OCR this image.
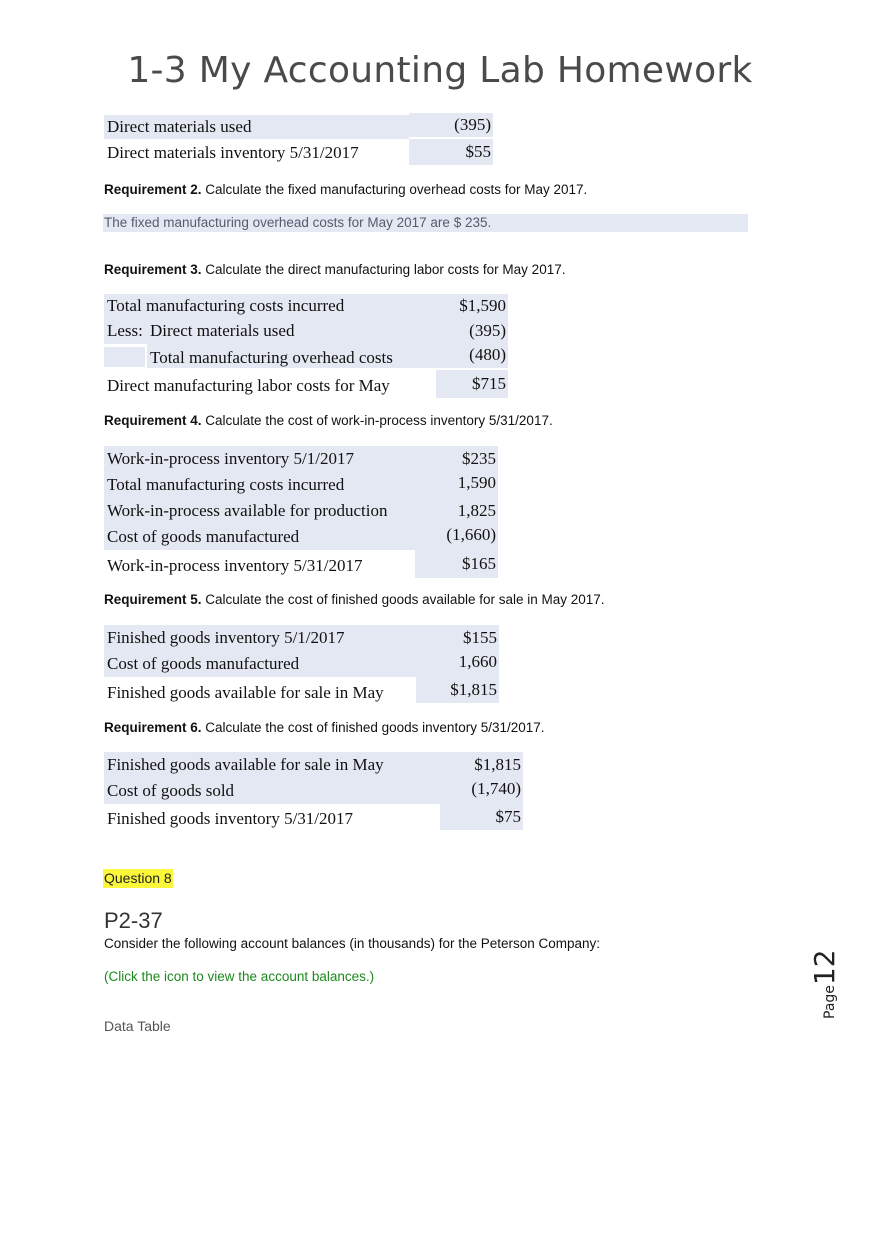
1-3 My Accounting Lab Homework
Direct materials used	(395)
Direct materials inventory 5/31/2017	$55
Requirement 2. Calculate the fixed manufacturing overhead costs for May 2017.
The fixed manufacturing overhead costs for May 2017 are $ 235.
Requirement 3. Calculate the direct manufacturing labor costs for May 2017.
Total manufacturing costs incurred	$1,590
Less: Direct materials used	(395)
Total manufacturing overhead costs	(480)
Direct manufacturing labor costs for May	$715
Requirement 4. Calculate the cost of work-in-process inventory 5/31/2017.
Work-in-process inventory 5/1/2017	$235
Total manufacturing costs incurred	1,590
Work-in-process available for production	1,825
Cost of goods manufactured	(1,660)
Work-in-process inventory 5/31/2017	$165
Requirement 5. Calculate the cost of finished goods available for sale in May 2017.
Finished goods inventory 5/1/2017	$155
Cost of goods manufactured	1,660
Finished goods available for sale in May	$1,815
Requirement 6. Calculate the cost of finished goods inventory 5/31/2017.
Finished goods available for sale in May	$1,815
Cost of goods sold	(1,740)
Finished goods inventory 5/31/2017	$75
Question 8
P2-37
Consider the following account balances (in thousands) for the Peterson Company:
(Click the icon to view the account balances.)
Data Table
Page12
